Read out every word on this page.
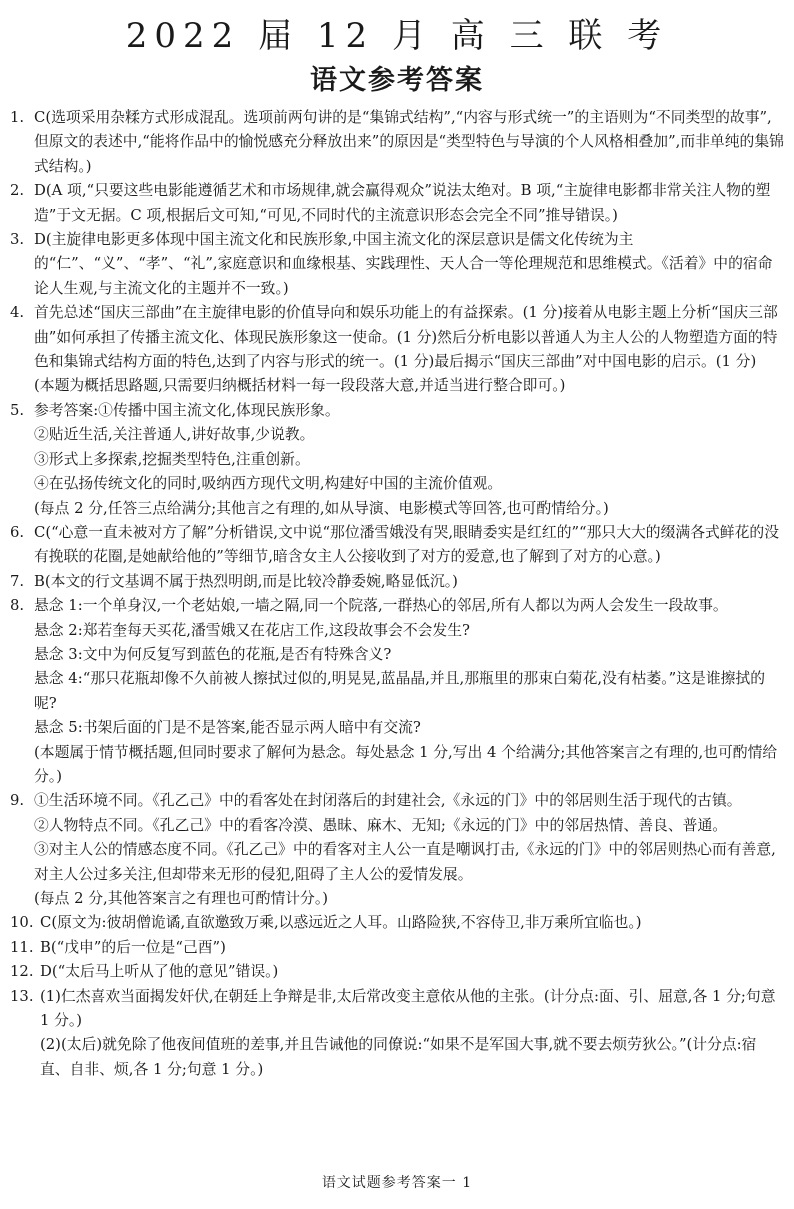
2022 届 12 月 高 三 联 考
语文参考答案
1. C(选项采用杂糅方式形成混乱。选项前两句讲的是“集锦式结构”,“内容与形式统一”的主语则为“不同类型的故事”,但原文的表述中,“能将作品中的愉悦感充分释放出来”的原因是“类型特色与导演的个人风格相叠加”,而非单纯的集锦式结构。)

2. D(A 项,“只要这些电影能遵循艺术和市场规律,就会赢得观众”说法太绝对。B 项,“主旋律电影都非常关注人物的塑造”于文无据。C 项,根据后文可知,“可见,不同时代的主流意识形态会完全不同”推导错误。)

3. D(主旋律电影更多体现中国主流文化和民族形象,中国主流文化的深层意识是儒文化传统为主的“仁”、“义”、“孝”、“礼”,家庭意识和血缘根基、实践理性、天人合一等伦理规范和思维模式。《活着》中的宿命论人生观,与主流文化的主题并不一致。)

4. 首先总述“国庆三部曲”在主旋律电影的价值导向和娱乐功能上的有益探索。(1 分)接着从电影主题上分析“国庆三部曲”如何承担了传播主流文化、体现民族形象这一使命。(1 分)然后分析电影以普通人为主人公的人物塑造方面的特色和集锦式结构方面的特色,达到了内容与形式的统一。(1 分)最后揭示“国庆三部曲”对中国电影的启示。(1 分)

(本题为概括思路题,只需要归纳概括材料一每一段段落大意,并适当进行整合即可。)

5. 参考答案:①传播中国主流文化,体现民族形象。

②贴近生活,关注普通人,讲好故事,少说教。

③形式上多探索,挖掘类型特色,注重创新。

④在弘扬传统文化的同时,吸纳西方现代文明,构建好中国的主流价值观。

(每点 2 分,任答三点给满分;其他言之有理的,如从导演、电影模式等回答,也可酌情给分。)

6. C(“心意一直未被对方了解”分析错误,文中说“那位潘雪娥没有哭,眼睛委实是红红的”“那只大大的缀满各式鲜花的没有挽联的花圈,是她献给他的”等细节,暗含女主人公接收到了对方的爱意,也了解到了对方的心意。)

7. B(本文的行文基调不属于热烈明朗,而是比较冷静委婉,略显低沉。)

8. 悬念 1:一个单身汉,一个老姑娘,一墙之隔,同一个院落,一群热心的邻居,所有人都以为两人会发生一段故事。

悬念 2:郑若奎每天买花,潘雪娥又在花店工作,这段故事会不会发生?

悬念 3:文中为何反复写到蓝色的花瓶,是否有特殊含义?

悬念 4:“那只花瓶却像不久前被人擦拭过似的,明晃晃,蓝晶晶,并且,那瓶里的那束白菊花,没有枯萎。”这是谁擦拭的呢?

悬念 5:书架后面的门是不是答案,能否显示两人暗中有交流?

(本题属于情节概括题,但同时要求了解何为悬念。每处悬念 1 分,写出 4 个给满分;其他答案言之有理的,也可酌情给分。)

9. ①生活环境不同。《孔乙己》中的看客处在封闭落后的封建社会,《永远的门》中的邻居则生活于现代的古镇。

②人物特点不同。《孔乙己》中的看客冷漠、愚昧、麻木、无知;《永远的门》中的邻居热情、善良、普通。

③对主人公的情感态度不同。《孔乙己》中的看客对主人公一直是嘲讽打击,《永远的门》中的邻居则热心而有善意,对主人公过多关注,但却带来无形的侵犯,阻碍了主人公的爱情发展。

(每点 2 分,其他答案言之有理也可酌情计分。)

10. C(原文为:彼胡僧诡谲,直欲邀致万乘,以惑远近之人耳。山路险狭,不容侍卫,非万乘所宜临也。)

11. B(“戊申”的后一位是“己酉”)

12. D(“太后马上听从了他的意见”错误。)

13. (1)仁杰喜欢当面揭发奸伏,在朝廷上争辩是非,太后常改变主意依从他的主张。(计分点:面、引、屈意,各 1 分;句意 1 分。)

(2)(太后)就免除了他夜间值班的差事,并且告诫他的同僚说:“如果不是军国大事,就不要去烦劳狄公。”(计分点:宿直、自非、烦,各 1 分;句意 1 分。)

语文试题参考答案一 1
